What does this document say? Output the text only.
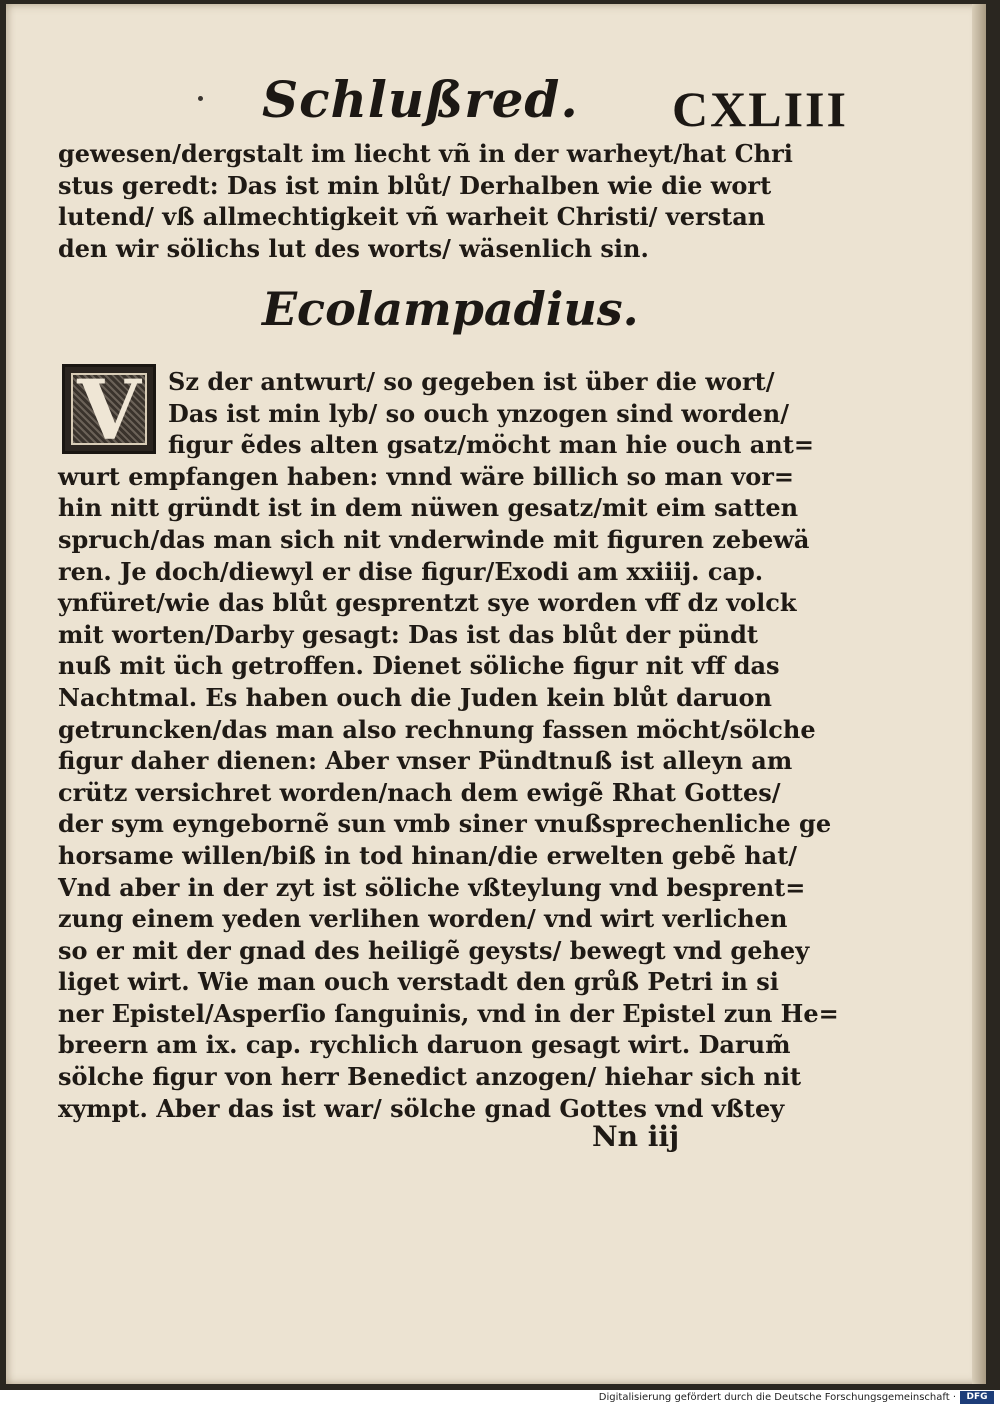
Schlußred. CXLIII
gewesen/dergstalt im liecht vñ in der warheyt/hat Chri
stus geredt: Das ist min blůt/ Derhalben wie die wort
lutend/ vß allmechtigkeit vñ warheit Christi/ verstan
den wir sölichs lut des worts/ wäsenlich sin.
Ecolampadius.
V	Sz der antwurt/ so gegeben ist über die wort/
Das ist min lyb/ so ouch ynzogen sind worden/
figur ẽdes alten gsatz/möcht man hie ouch ant=
wurt empfangen haben: vnnd wäre billich so man vor=
hin nitt gründt ist in dem nüwen gesatz/mit eim satten
spruch/das man sich nit vnderwinde mit figuren zebewä
ren. Je doch/diewyl er dise figur/Exodi am xxiiij. cap.
ynfüret/wie das blůt gesprentzt sye worden vff dz volck
mit worten/Darby gesagt: Das ist das blůt der pündt
nuß mit üch getroffen. Dienet söliche figur nit vff das
Nachtmal. Es haben ouch die Juden kein blůt daruon
getruncken/das man also rechnung fassen möcht/sölche
figur daher dienen: Aber vnser Pündtnuß ist alleyn am
crütz versichret worden/nach dem ewigẽ Rhat Gottes/
der sym eyngebornẽ sun vmb siner vnußsprechenliche ge
horsame willen/biß in tod hinan/die erwelten gebẽ hat/
Vnd aber in der zyt ist söliche vßteylung vnd besprent=
zung einem yeden verlihen worden/ vnd wirt verlichen
so er mit der gnad des heiligẽ geysts/ bewegt vnd gehey
liget wirt. Wie man ouch verstadt den grůß Petri in si
ner Epistel/Asperſio ſanguinis, vnd in der Epistel zun He=
breern am ix. cap. rychlich daruon gesagt wirt. Darum̃
sölche figur von herr Benedict anzogen/ hiehar sich nit
xympt. Aber das ist war/ sölche gnad Gottes vnd vßtey
Nn iij
Digitalisierung gefördert durch die Deutsche Forschungsgemeinschaft ·	DFG
